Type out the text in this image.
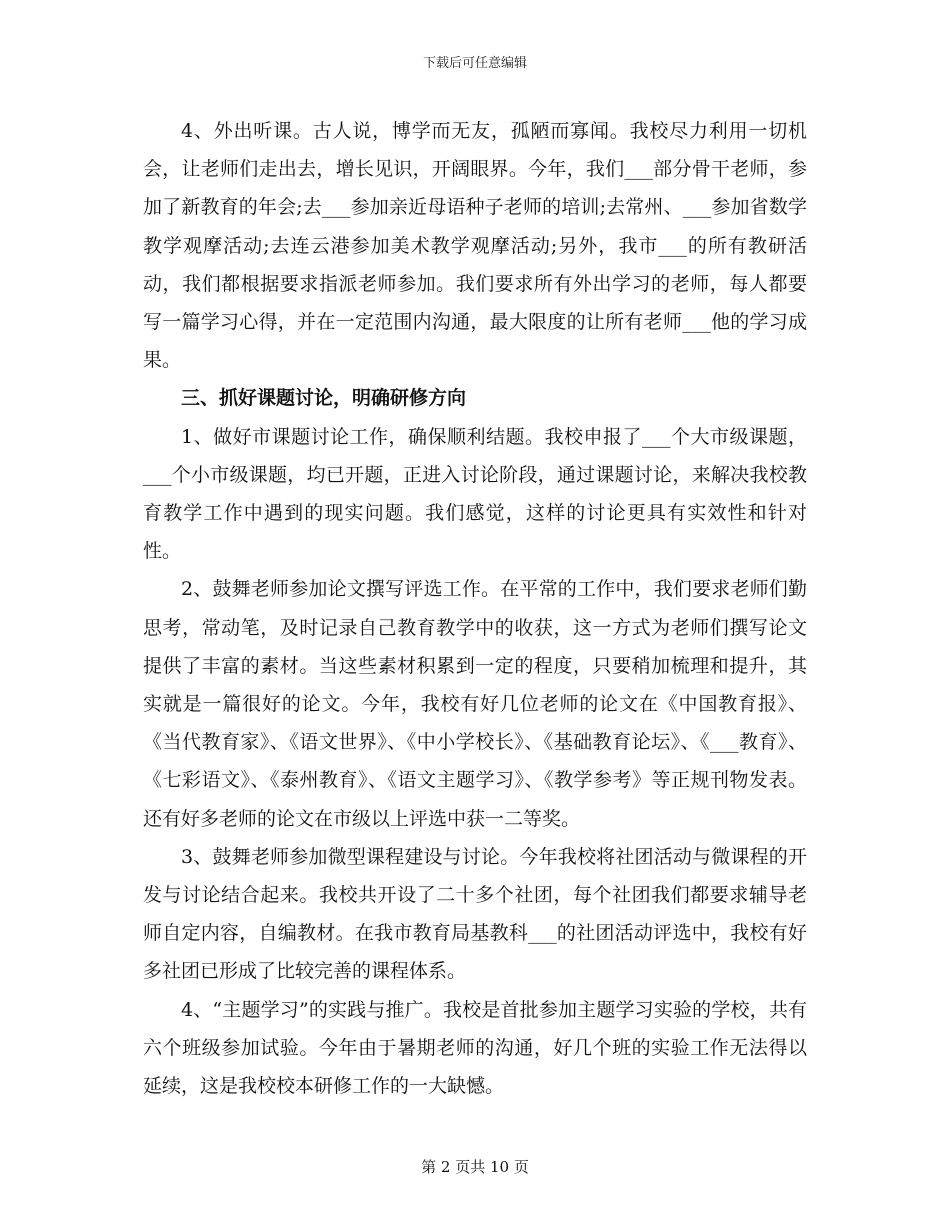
下载后可任意编辑

4、外出听课。古人说，博学而无友，孤陋而寡闻。我校尽力利用一切机会，让老师们走出去，增长见识，开阔眼界。今年，我们___部分骨干老师，参加了新教育的年会;去___参加亲近母语种子老师的培训;去常州、___参加省数学教学观摩活动;去连云港参加美术教学观摩活动;另外，我市___的所有教研活动，我们都根据要求指派老师参加。我们要求所有外出学习的老师，每人都要写一篇学习心得，并在一定范围内沟通，最大限度的让所有老师___他的学习成果。

三、抓好课题讨论，明确研修方向

1、做好市课题讨论工作，确保顺利结题。我校申报了___个大市级课题，___个小市级课题，均已开题，正进入讨论阶段，通过课题讨论，来解决我校教育教学工作中遇到的现实问题。我们感觉，这样的讨论更具有实效性和针对性。

2、鼓舞老师参加论文撰写评选工作。在平常的工作中，我们要求老师们勤思考，常动笔，及时记录自己教育教学中的收获，这一方式为老师们撰写论文提供了丰富的素材。当这些素材积累到一定的程度，只要稍加梳理和提升，其实就是一篇很好的论文。今年，我校有好几位老师的论文在《中国教育报》、《当代教育家》、《语文世界》、《中小学校长》、《基础教育论坛》、《___教育》、《七彩语文》、《泰州教育》、《语文主题学习》、《教学参考》等正规刊物发表。还有好多老师的论文在市级以上评选中获一二等奖。

3、鼓舞老师参加微型课程建设与讨论。今年我校将社团活动与微课程的开发与讨论结合起来。我校共开设了二十多个社团，每个社团我们都要求辅导老师自定内容，自编教材。在我市教育局基教科___的社团活动评选中，我校有好多社团已形成了比较完善的课程体系。

4、“主题学习”的实践与推广。我校是首批参加主题学习实验的学校，共有六个班级参加试验。今年由于暑期老师的沟通，好几个班的实验工作无法得以延续，这是我校校本研修工作的一大缺憾。

第 2 页共 10 页
